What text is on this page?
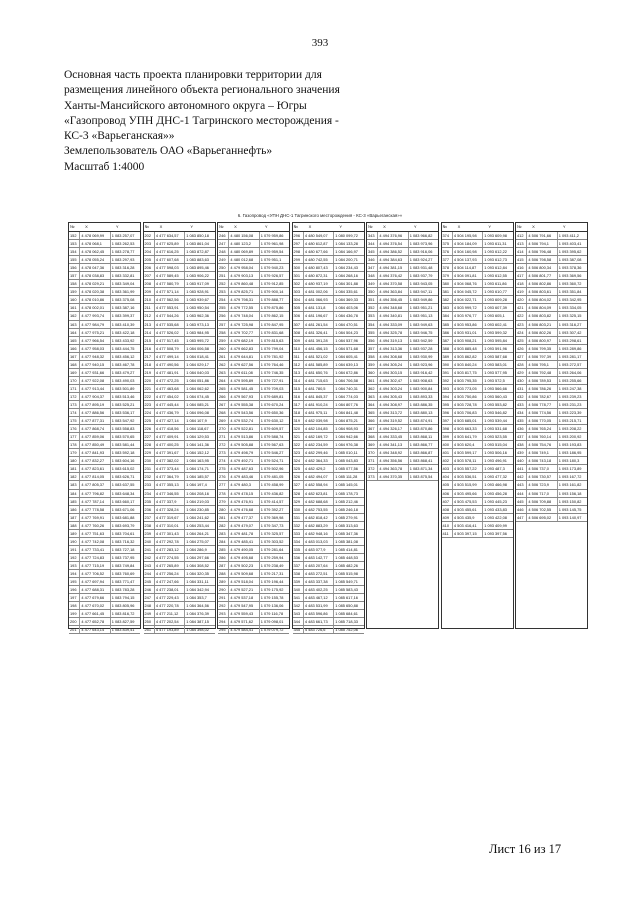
393
Основная часть проекта планировки территории для
размещения линейного объекта регионального значения
Ханты-Мансийского автономного округа – Югры
«Газопровод УПН ДНС-1 Тагринского месторождения -
КС-3 «Варьеганская»»
Землепользователь ОАО «Варьеганнефть»
Масштаб 1:4000
6. Газопровод «УПН ДНС-1 Тагринского месторождения - КС-3 «Варьеганская»»
№	X	Y
152	4 478 069,99	1 083 257,07
153	4 478 068,1	1 083 262,53
154	4 478 062,45	1 083 278,77
155	4 478 055,24	1 083 297,93
156	4 478 047,36	1 083 316,28
157	4 478 038,83	1 083 332,81
158	4 478 029,21	1 083 349,04
159	4 478 020,38	1 083 361,99
160	4 478 010,86	1 083 375,08
161	4 478 002,01	1 083 387,16
162	4 477 993,74	1 083 399,37
163	4 477 984,79	1 083 410,39
164	4 477 975,21	1 083 422,18
165	4 477 966,54	1 083 433,92
166	4 477 958,03	1 083 444,75
167	4 477 948,32	1 083 456,12
168	4 477 940,15	1 083 467,78
169	4 477 931,66	1 083 479,27
170	4 477 922,08	1 083 490,03
171	4 477 913,44	1 083 501,89
172	4 477 904,37	1 083 513,46
173	4 477 895,19	1 083 525,21
174	4 477 886,56	1 083 536,17
175	4 477 877,31	1 083 547,92
176	4 477 868,74	1 083 558,83
177	4 477 859,06	1 083 570,65
178	4 477 850,49	1 083 581,44
179	4 477 841,93	1 083 592,18
180	4 477 832,27	1 083 604,16
181	4 477 823,61	1 083 615,02
182	4 477 814,05	1 083 626,71
183	4 477 805,37	1 083 637,55
184	4 477 796,82	1 083 648,34
185	4 477 787,14	1 083 660,17
186	4 477 778,58	1 083 671,06
187	4 477 769,91	1 083 681,88
188	4 477 760,26	1 083 693,79
189	4 477 751,63	1 083 704,61
190	4 477 742,08	1 083 716,32
191	4 477 733,41	1 083 727,18
192	4 477 724,83	1 083 737,95
193	4 477 715,19	1 083 749,84
194	4 477 706,52	1 083 760,69
195	4 477 697,94	1 083 771,47
196	4 477 688,31	1 083 783,28
197	4 477 679,66	1 083 794,15
198	4 477 670,02	1 083 805,96
199	4 477 661,45	1 083 816,72
200	4 477 652,78	1 083 827,59
201	4 477 643,14	1 083 839,41
№	X	Y
202	4 477 634,57	1 083 850,18
203	4 477 625,89	1 083 861,04
204	4 477 616,25	1 083 872,87
205	4 477 607,68	1 083 883,63
206	4 477 598,03	1 083 895,46
207	4 477 589,45	1 083 906,22
208	4 477 580,79	1 083 917,09
209	4 477 571,14	1 083 928,91
210	4 477 562,56	1 083 939,67
211	4 477 553,91	1 083 950,54
212	4 477 544,26	1 083 962,36
213	4 477 535,68	1 083 973,13
214	4 477 526,02	1 083 984,95
215	4 477 517,45	1 083 995,72
216	4 477 508,79	1 084 006,58
217	4 477 499,14	1 084 018,41
218	4 477 490,56	1 084 029,17
219	4 477 481,91	1 084 040,03
220	4 477 472,25	1 084 051,86
221	4 477 463,68	1 084 062,62
222	4 477 454,02	1 084 074,45
223	4 477 445,44	1 084 085,21
224	4 477 436,79	1 084 096,08
225	4 477 427,14	1 084 107,9
226	4 477 418,56	1 084 118,67
227	4 477 409,91	1 084 129,53
228	4 477 400,25	1 084 141,36
229	4 477 391,67	1 084 152,12
230	4 477 382,02	1 084 163,95
231	4 477 373,44	1 084 174,71
232	4 477 364,79	1 084 185,57
233	4 477 355,13	1 084 197,4
234	4 477 346,55	1 084 208,16
235	4 477 337,9	1 084 219,03
236	4 477 328,24	1 084 230,85
237	4 477 319,67	1 084 241,62
238	4 477 310,01	1 084 253,44
239	4 477 301,43	1 084 264,21
240	4 477 292,78	1 084 275,07
241	4 477 283,12	1 084 286,9
242	4 477 274,55	1 084 297,66
243	4 477 265,89	1 084 308,52
244	4 477 256,24	1 084 320,35
245	4 477 247,66	1 084 331,11
246	4 477 238,01	1 084 342,94
247	4 477 229,43	1 084 353,7
248	4 477 220,78	1 084 364,56
249	4 477 211,12	1 084 376,39
250	4 477 202,54	1 084 387,15
251	4 477 193,89	1 084 398,02
№	X	Y
246	4 480 156,08	1 079 959,86
247	4 480 123,2	1 079 961,98
248	4 480 069,89	1 079 959,54
249	4 480 012,68	1 079 951,1
250	4 479 958,04	1 079 940,23
251	4 479 903,13	1 079 926,57
252	4 479 860,48	1 079 912,85
253	4 479 825,71	1 079 900,14
254	4 479 798,31	1 079 888,77
255	4 479 772,55	1 079 875,86
256	4 479 748,04	1 079 862,15
257	4 479 725,98	1 079 847,95
258	4 479 702,77	1 079 831,68
259	4 479 682,19	1 079 815,63
260	4 479 662,83	1 079 799,04
261	4 479 644,81	1 079 781,92
262	4 479 627,56	1 079 764,46
263	4 479 611,08	1 079 746,35
264	4 479 595,89	1 079 727,91
265	4 479 581,45	1 079 709,03
266	4 479 567,93	1 079 689,81
267	4 479 555,38	1 079 670,24
268	4 479 543,56	1 079 650,36
269	4 479 532,74	1 079 630,12
270	4 479 522,81	1 079 609,57
271	4 479 513,86	1 079 588,74
272	4 479 505,88	1 079 567,63
273	4 479 498,79	1 079 546,27
274	4 479 492,71	1 079 524,71
275	4 479 487,63	1 079 502,96
276	4 479 483,46	1 079 481,05
277	4 479 480,3	1 079 458,99
278	4 479 478,15	1 079 436,82
279	4 479 476,91	1 079 414,57
280	4 479 476,68	1 079 392,27
281	4 479 477,37	1 079 369,98
282	4 479 479,07	1 079 347,73
283	4 479 481,78	1 079 325,57
284	4 479 485,41	1 079 303,52
285	4 479 490,05	1 079 281,64
286	4 479 495,68	1 079 259,94
287	4 479 502,23	1 079 238,49
288	4 479 509,68	1 079 217,31
289	4 479 518,04	1 079 196,44
290	4 479 527,21	1 079 175,92
291	4 479 537,18	1 079 155,78
292	4 479 547,95	1 079 136,06
293	4 479 559,43	1 079 116,78
294	4 479 571,62	1 079 098,01
295	4 479 584,41	1 079 079,72
№	X	Y
296	4 480 549,07	1 080 099,72
297	4 480 612,87	1 084 133,28
298	4 480 677,66	1 084 166,97
299	4 480 742,55	1 084 200,71
300	4 480 807,43	1 084 234,43
301	4 480 872,31	1 084 268,16
302	4 480 937,19	1 084 301,88
303	4 481 002,06	1 084 335,61
304	4 481 066,93	1 084 369,33
305	4 481 131,8	1 084 403,06
306	4 481 196,67	1 084 436,78
307	4 481 261,54	1 084 470,51
308	4 481 326,41	1 084 504,23
309	4 481 391,28	1 084 537,96
310	4 481 456,15	1 084 571,68
311	4 481 521,02	1 084 605,41
312	4 481 585,89	1 084 639,13
313	4 481 650,76	1 084 672,86
314	4 481 715,63	1 084 706,58
315	4 481 780,5	1 084 740,31
316	4 481 845,37	1 084 774,03
317	4 481 910,24	1 084 807,76
318	4 481 975,11	1 084 841,48
319	4 482 039,98	1 084 875,21
320	4 482 104,85	1 084 908,93
321	4 482 169,72	1 084 942,66
322	4 482 234,59	1 084 976,38
323	4 482 299,46	1 085 010,11
324	4 482 364,33	1 085 043,83
325	4 482 429,2	1 085 077,56
326	4 482 494,07	1 085 111,28
327	4 482 558,94	1 085 145,01
328	4 482 623,81	1 085 178,73
329	4 482 688,68	1 085 212,46
330	4 482 753,55	1 085 246,18
331	4 482 818,42	1 085 279,91
332	4 482 883,29	1 085 313,63
333	4 482 948,16	1 085 347,36
334	4 483 013,03	1 085 381,08
335	4 483 077,9	1 085 414,81
336	4 483 142,77	1 085 448,53
337	4 483 207,64	1 085 482,26
338	4 483 272,51	1 085 515,98
339	4 483 337,38	1 085 549,71
340	4 483 402,25	1 085 583,43
341	4 483 467,12	1 085 617,16
342	4 483 531,99	1 085 650,88
343	4 483 596,86	1 085 684,61
344	4 483 661,73	1 085 718,33
345	4 483 726,6	1 085 752,06
№	X	Y
343	4 494 376,96	1 083 966,82
344	4 494 376,54	1 083 973,96
345	4 494 386,52	1 083 916,06
346	4 494 384,63	1 083 924,27
347	4 494 381,15	1 083 931,48
348	4 494 376,42	1 083 937,79
349	4 494 370,58	1 083 943,05
350	4 494 363,84	1 083 947,11
351	4 494 356,45	1 083 949,86
352	4 494 348,68	1 083 951,21
353	4 494 340,81	1 083 951,13
354	4 494 333,09	1 083 949,63
355	4 494 325,78	1 083 946,75
356	4 494 319,13	1 083 942,59
357	4 494 313,36	1 083 937,28
358	4 494 308,68	1 083 930,99
359	4 494 305,24	1 083 923,96
360	4 494 303,15	1 083 916,42
361	4 494 302,47	1 083 908,63
362	4 494 303,24	1 083 900,84
363	4 494 305,43	1 083 893,33
364	4 494 308,97	1 083 886,35
365	4 494 313,72	1 083 880,13
366	4 494 319,52	1 083 874,91
367	4 494 326,17	1 083 870,86
368	4 494 333,45	1 083 868,11
369	4 494 341,13	1 083 866,77
370	4 494 348,92	1 083 866,87
371	4 494 356,56	1 083 868,41
372	4 494 363,78	1 083 871,34
373	4 494 370,35	1 083 875,54
№	X	Y
374	4 504 195,98	1 093 609,98
375	4 504 184,09	1 093 611,31
376	4 504 160,98	1 093 612,22
377	4 504 137,93	1 093 612,73
378	4 504 114,87	1 093 612,84
379	4 504 091,81	1 093 612,55
380	4 504 068,76	1 093 611,86
381	4 504 045,72	1 093 610,77
382	4 504 022,71	1 093 609,28
383	4 503 999,72	1 093 607,39
384	4 503 976,77	1 093 605,1
385	4 503 953,86	1 093 602,41
386	4 503 931,01	1 093 599,32
387	4 503 908,21	1 093 595,84
388	4 503 885,48	1 093 591,96
389	4 503 862,82	1 093 587,68
390	4 503 840,24	1 093 583,01
391	4 503 817,75	1 093 577,95
392	4 503 795,35	1 093 572,5
393	4 503 773,05	1 093 566,66
394	4 503 750,86	1 093 560,43
395	4 503 728,78	1 093 553,82
396	4 503 706,83	1 093 546,82
397	4 503 685,01	1 093 539,44
398	4 503 663,33	1 093 531,68
399	4 503 641,79	1 093 523,55
400	4 503 620,4	1 093 515,04
401	4 503 599,17	1 093 506,16
402	4 503 578,11	1 093 496,91
403	4 503 557,22	1 093 487,3
404	4 503 536,51	1 093 477,32
405	4 503 515,99	1 093 466,98
406	4 503 495,66	1 093 456,28
407	4 503 475,53	1 093 445,23
408	4 503 455,61	1 093 433,83
409	4 503 435,9	1 093 422,08
410	4 503 416,41	1 093 409,99
411	4 503 397,15	1 093 397,56
№	X	Y
412	4 506 791,66	1 093 411,2
413	4 506 794,1	1 093 403,41
414	4 506 796,48	1 093 395,62
415	4 506 798,58	1 093 387,08
416	4 506 800,34	1 093 378,36
417	4 506 801,77	1 093 369,56
418	4 506 802,86	1 093 360,72
419	4 506 803,61	1 093 351,84
420	4 506 804,02	1 093 342,95
421	4 506 804,09	1 093 334,05
422	4 506 803,82	1 093 325,15
423	4 506 803,21	1 093 316,27
424	4 506 802,26	1 093 307,42
425	4 506 800,97	1 093 298,61
426	4 506 799,35	1 093 289,86
427	4 506 797,39	1 093 281,17
428	4 506 795,1	1 093 272,57
429	4 506 792,48	1 093 264,06
430	4 506 789,53	1 093 255,66
431	4 506 786,26	1 093 247,38
432	4 506 782,67	1 093 239,23
433	4 506 778,77	1 093 231,23
434	4 506 774,56	1 093 223,39
435	4 506 770,05	1 093 215,71
436	4 506 765,24	1 093 208,22
437	4 506 760,14	1 093 200,92
438	4 506 754,76	1 093 193,83
439	4 506 749,1	1 093 186,95
440	4 506 743,18	1 093 180,3
441	4 506 737,0	1 093 173,89
442	4 506 730,57	1 093 167,72
443	4 506 723,9	1 093 161,82
444	4 506 717,0	1 093 156,18
445	4 506 709,88	1 093 150,82
446	4 506 702,55	1 093 145,75
447	4 506 695,02	1 093 140,97
Лист 16 из 17
